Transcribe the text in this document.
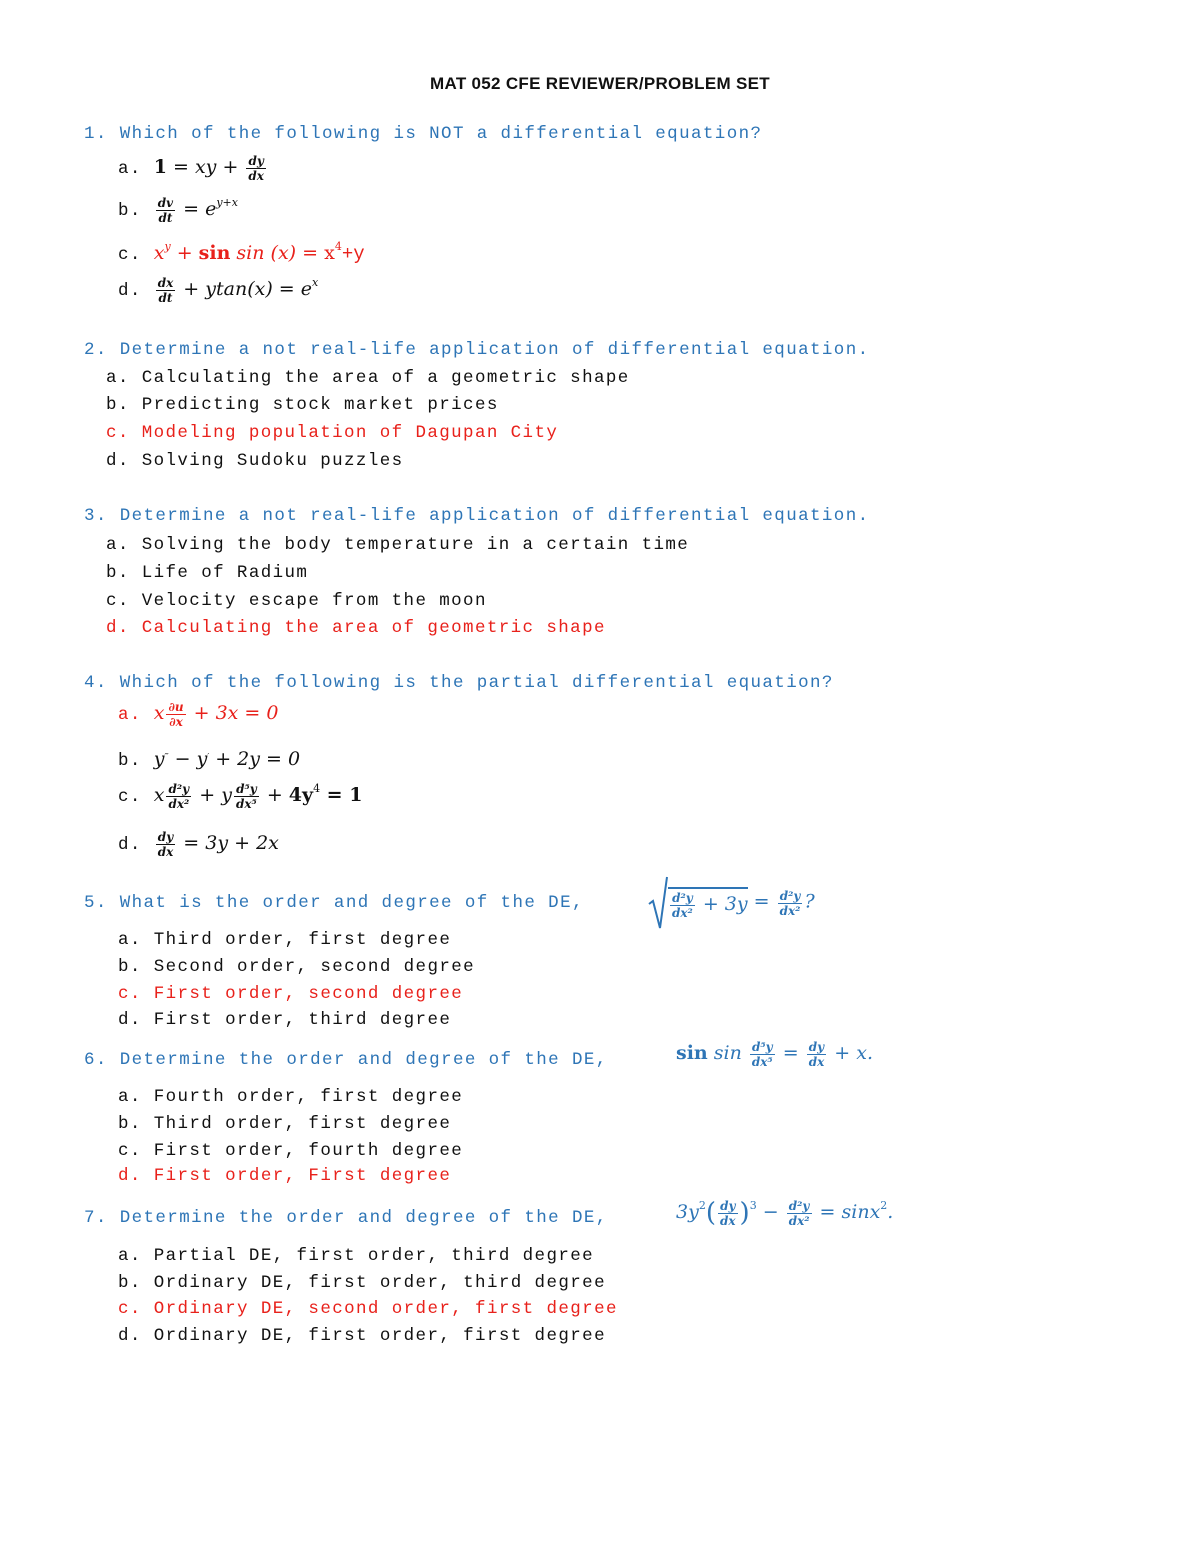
MAT 052 CFE REVIEWER/PROBLEM SET
1. Which of the following is NOT a differential equation?
a. 1 = xy + $\frac{dy}{dx}$
b. $\frac{dv}{dt} = e^{y+x}$
c. $x^y + \sin \sin (x) = x^4+y$
d. $\frac{dx}{dt} + ytan(x) = e^x$
2. Determine a not real-life application of differential equation.
a. Calculating the area of a geometric shape
b. Predicting stock market prices
c. Modeling population of Dagupan City
d. Solving Sudoku puzzles
3. Determine a not real-life application of differential equation.
a. Solving the body temperature in a certain time
b. Life of Radium
c. Velocity escape from the moon
d. Calculating the area of geometric shape
4. Which of the following is the partial differential equation?
a. x $\frac{\partial u}{\partial x} + 3x = 0$
b. y‴ − y′ + 2y = 0
c. x $\frac{\text{d²y}}{\text{dx²}} + y \frac{\text{d⁵y}}{\text{dx⁵}} + 4y^4 = 1$
d. $\frac{dy}{dx} = 3y + 2x$
5. What is the order and degree of the DE,	$\frac{\text{d²y}}{\text{dx²}} + 3y = \frac{\text{d²y}}{\text{dx²}}$ ?
a. Third order, first degree
b. Second order, second degree
c. First order, second degree
d. First order, third degree
6. Determine the order and degree of the DE,	$\sin \sin \frac{\text{d⁵y}}{\text{dx⁵}} = \frac{dy}{dx} + x$.
a. Fourth order, first degree
b. Third order, first degree
c. First order, fourth degree
d. First order, First degree
7. Determine the order and degree of the DE,	$3y^2( \frac{dy}{dx} )^3 - \frac{\text{d²y}}{\text{dx²}} = \sin x^2$.
a. Partial DE, first order, third degree
b. Ordinary DE, first order, third degree
c. Ordinary DE, second order, first degree
d. Ordinary DE, first order, first degree
